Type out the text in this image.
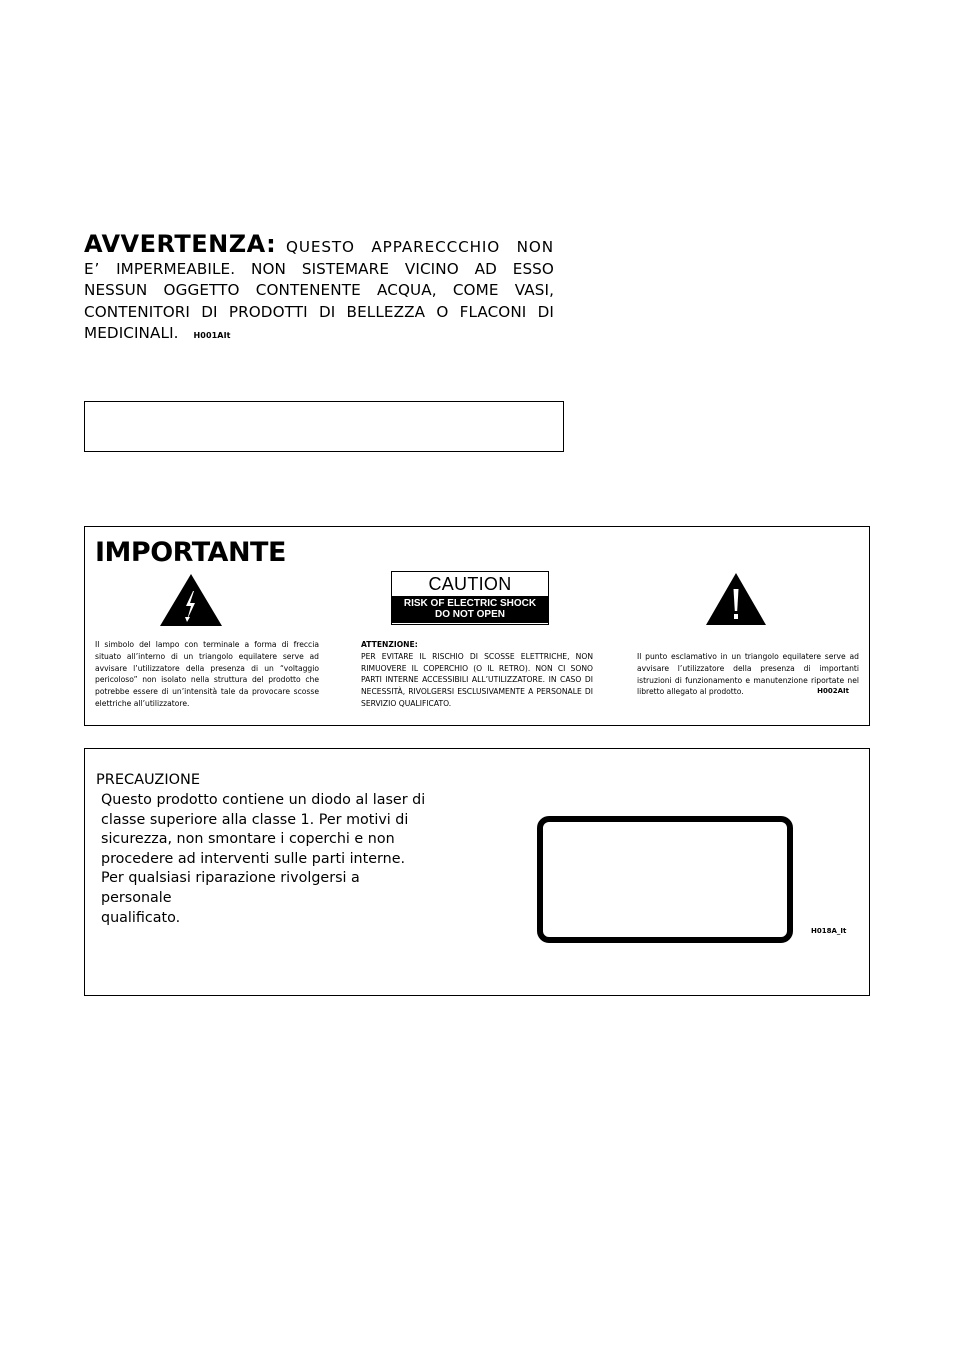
AVVERTENZA: QUESTO APPARECCCHIO NON E’ IMPERMEABILE. NON SISTEMARE VICINO AD ESSO NESSUN OGGETTO CONTENENTE ACQUA, COME VASI, CONTENITORI DI PRODOTTI DI BELLEZZA O FLACONI DI MEDICINALI. H001AIt
IMPORTANTE
CAUTION
RISK OF ELECTRIC SHOCK
DO NOT OPEN
Il simbolo del lampo con terminale a forma di freccia situato all’interno di un triangolo equilatere serve ad avvisare l’utilizzatore della presenza di un “voltaggio pericoloso” non isolato nella struttura del prodotto che potrebbe essere di un’intensità tale da provocare scosse elettriche all’utilizzatore.
ATTENZIONE:
PER EVITARE IL RISCHIO DI SCOSSE ELETTRICHE, NON RIMUOVERE IL COPERCHIO (O IL RETRO). NON CI SONO PARTI INTERNE ACCESSIBILI ALL’UTILIZZATORE. IN CASO DI NECESSITÀ, RIVOLGERSI ESCLUSIVAMENTE A PERSONALE DI SERVIZIO QUALIFICATO.
Il punto esclamativo in un triangolo equilatere serve ad avvisare l’utilizzatore della presenza di importanti istruzioni di funzionamento e manutenzione riportate nel libretto allegato al prodotto.	H002AIt
PRECAUZIONE
Questo prodotto contiene un diodo al laser di
classe superiore alla classe 1. Per motivi di
sicurezza, non smontare i coperchi e non
procedere ad interventi sulle parti interne.
Per qualsiasi riparazione rivolgersi a personale
qualificato.
H018A_It
